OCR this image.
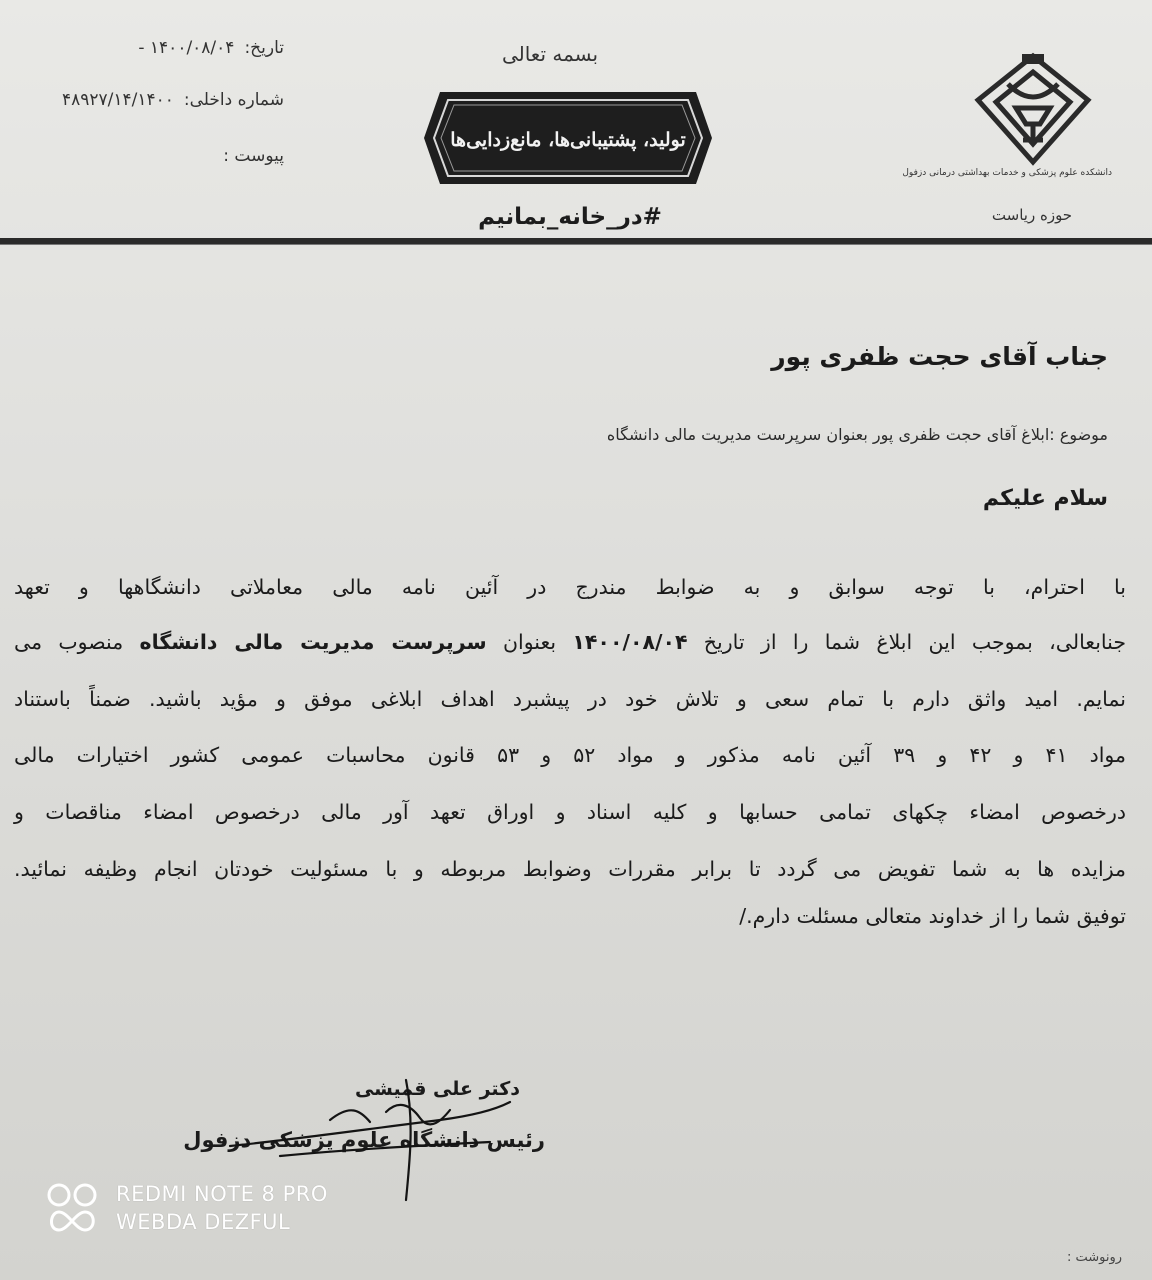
تاریخ:۱۴۰۰/۰۸/۰۴ -
شماره داخلی:۴۸۹۲۷/۱۴/۱۴۰۰
پیوست :
بسمه تعالی
تولید، پشتیبانی‌ها، مانع‌زدایی‌ها
#در_خانه_بمانیم
دانشکده علوم پزشکی و خدمات بهداشتی درمانی دزفول
حوزه ریاست
جناب آقای حجت ظفری پور
موضوع :ابلاغ آقای حجت ظفری پور بعنوان سرپرست مدیریت مالی دانشگاه
سلام علیکم
با احترام، با توجه سوابق و به ضوابط مندرج در آئین نامه مالی معاملاتی دانشگاهها و تعهد
جنابعالی، بموجب این ابلاغ شما را از تاریخ ۱۴۰۰/۰۸/۰۴ بعنوان سرپرست مدیریت مالی دانشگاه منصوب می
نمایم. امید واثق دارم با تمام سعی و تلاش خود در پیشبرد اهداف ابلاغی موفق و مؤید باشید. ضمناً باستناد
مواد ۴۱ و ۴۲ و ۳۹ آئین نامه مذکور و مواد ۵۲ و ۵۳ قانون محاسبات عمومی کشور اختیارات مالی
درخصوص امضاء چکهای تمامی حسابها و کلیه اسناد و اوراق تعهد آور مالی درخصوص امضاء مناقصات و
مزایده ها به شما تفویض می گردد تا برابر مقررات وضوابط مربوطه و با مسئولیت خودتان انجام وظیفه نمائید.
توفیق شما را از خداوند متعالی مسئلت دارم./
دکتر علی قمیشی
رئیس دانشگاه علوم پزشکی دزفول
REDMI NOTE 8 PRO
WEBDA DEZFUL
رونوشت :
